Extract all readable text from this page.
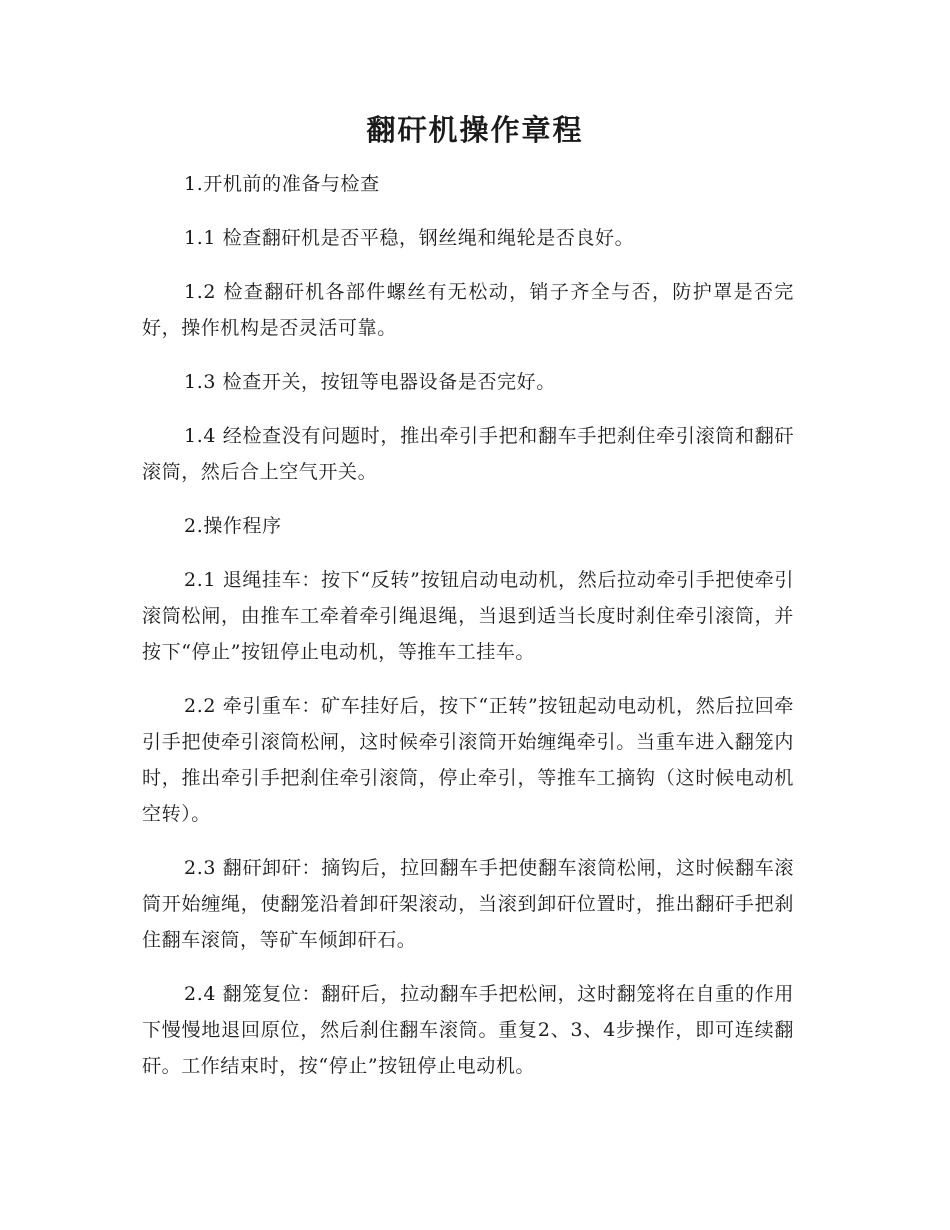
翻矸机操作章程

1.开机前的准备与检查

1.1 检查翻矸机是否平稳，钢丝绳和绳轮是否良好。

1.2 检查翻矸机各部件螺丝有无松动，销子齐全与否，防护罩是否完好，操作机构是否灵活可靠。

1.3 检查开关，按钮等电器设备是否完好。

1.4 经检查没有问题时，推出牵引手把和翻车手把刹住牵引滚筒和翻矸滚筒，然后合上空气开关。

2.操作程序

2.1 退绳挂车：按下“反转”按钮启动电动机，然后拉动牵引手把使牵引滚筒松闸，由推车工牵着牵引绳退绳，当退到适当长度时刹住牵引滚筒，并按下“停止”按钮停止电动机，等推车工挂车。

2.2 牵引重车：矿车挂好后，按下“正转”按钮起动电动机，然后拉回牵引手把使牵引滚筒松闸，这时候牵引滚筒开始缠绳牵引。当重车进入翻笼内时，推出牵引手把刹住牵引滚筒，停止牵引，等推车工摘钩（这时候电动机空转）。

2.3 翻矸卸矸：摘钩后，拉回翻车手把使翻车滚筒松闸，这时候翻车滚筒开始缠绳，使翻笼沿着卸矸架滚动，当滚到卸矸位置时，推出翻矸手把刹住翻车滚筒，等矿车倾卸矸石。

2.4 翻笼复位：翻矸后，拉动翻车手把松闸，这时翻笼将在自重的作用下慢慢地退回原位，然后刹住翻车滚筒。重复2、3、4步操作，即可连续翻矸。工作结束时，按“停止”按钮停止电动机。
